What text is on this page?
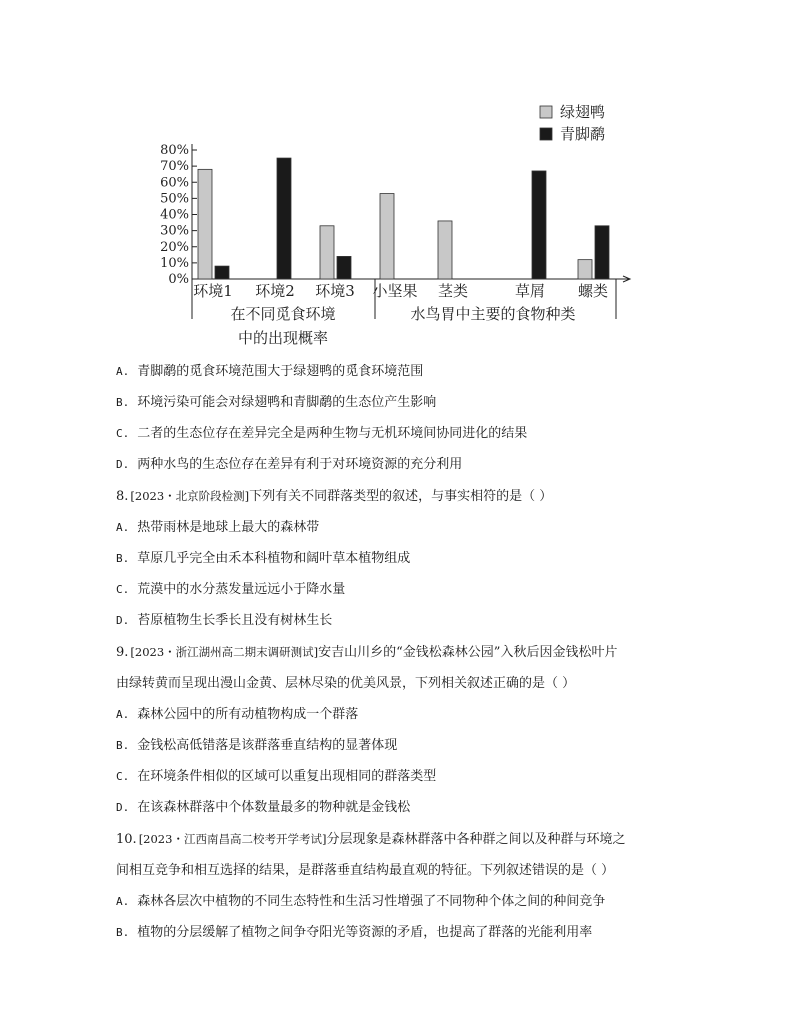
80%
70%
60%
50%
40%
30%
20%
10%
0%
环境1 环境2 环境3
在不同觅食环境
中的出现概率
小坚果 茎类	草屑 螺类
水鸟胃中主要的食物种类
绿翅鸭
青脚鹬
A. 青脚鹬的觅食环境范围大于绿翅鸭的觅食环境范围
B. 环境污染可能会对绿翅鸭和青脚鹬的生态位产生影响
C. 二者的生态位存在差异完全是两种生物与无机环境间协同进化的结果
D. 两种水鸟的生态位存在差异有利于对环境资源的充分利用
8. [2023・北京阶段检测]下列有关不同群落类型的叙述，与事实相符的是（ ）
A. 热带雨林是地球上最大的森林带
B. 草原几乎完全由禾本科植物和阔叶草本植物组成
C. 荒漠中的水分蒸发量远远小于降水量
D. 苔原植物生长季长且没有树林生长
9. [2023・浙江湖州高二期末调研测试]安吉山川乡的“金钱松森林公园”入秋后因金钱松叶片
由绿转黄而呈现出漫山金黄、层林尽染的优美风景，下列相关叙述正确的是（ ）
A. 森林公园中的所有动植物构成一个群落
B. 金钱松高低错落是该群落垂直结构的显著体现
C. 在环境条件相似的区域可以重复出现相同的群落类型
D. 在该森林群落中个体数量最多的物种就是金钱松
10. [2023・江西南昌高二校考开学考试]分层现象是森林群落中各种群之间以及种群与环境之
间相互竞争和相互选择的结果，是群落垂直结构最直观的特征。下列叙述错误的是（ ）
A. 森林各层次中植物的不同生态特性和生活习性增强了不同物种个体之间的种间竞争
B. 植物的分层缓解了植物之间争夺阳光等资源的矛盾，也提高了群落的光能利用率
